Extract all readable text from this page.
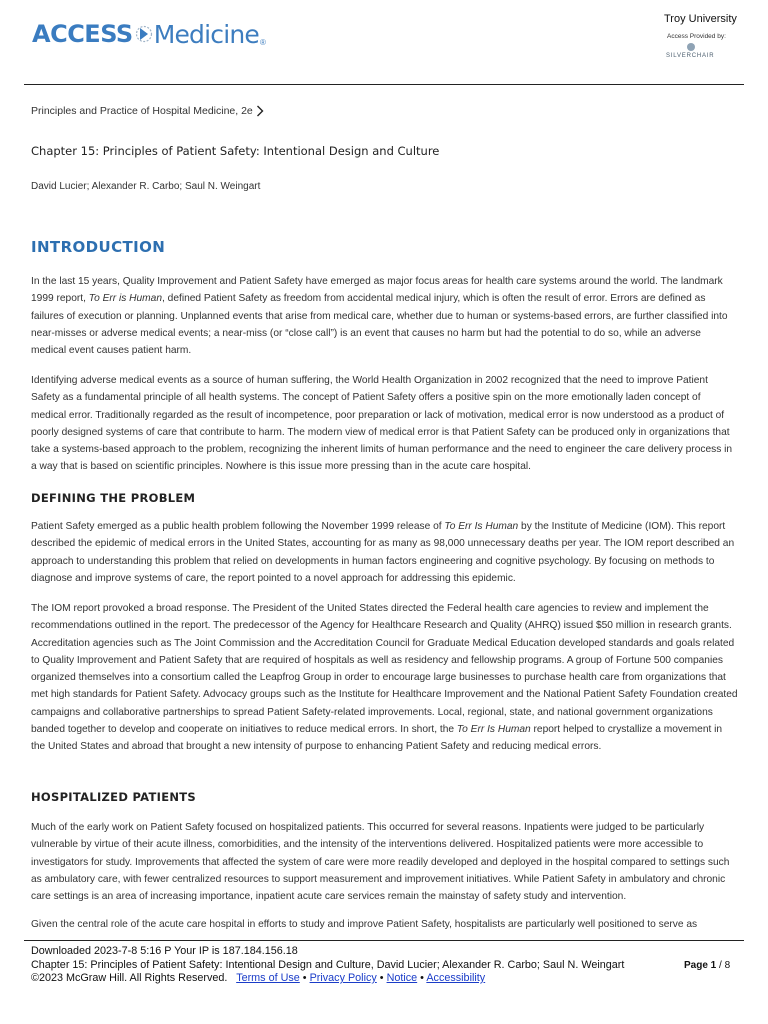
ACCESS Medicine ®
Troy University
Access Provided by:
SILVERCHAIR
Principles and Practice of Hospital Medicine, 2e
Chapter 15: Principles of Patient Safety: Intentional Design and Culture
David Lucier; Alexander R. Carbo; Saul N. Weingart
INTRODUCTION

In the last 15 years, Quality Improvement and Patient Safety have emerged as major focus areas for health care systems around the world. The landmark 1999 report, To Err is Human, defined Patient Safety as freedom from accidental medical injury, which is often the result of error. Errors are defined as failures of execution or planning. Unplanned events that arise from medical care, whether due to human or systems-based errors, are further classified into near-misses or adverse medical events; a near-miss (or “close call”) is an event that causes no harm but had the potential to do so, while an adverse medical event causes patient harm.

Identifying adverse medical events as a source of human suffering, the World Health Organization in 2002 recognized that the need to improve Patient Safety as a fundamental principle of all health systems. The concept of Patient Safety offers a positive spin on the more emotionally laden concept of medical error. Traditionally regarded as the result of incompetence, poor preparation or lack of motivation, medical error is now understood as a product of poorly designed systems of care that contribute to harm. The modern view of medical error is that Patient Safety can be produced only in organizations that take a systems-based approach to the problem, recognizing the inherent limits of human performance and the need to engineer the care delivery process in a way that is based on scientific principles. Nowhere is this issue more pressing than in the acute care hospital.

DEFINING THE PROBLEM

Patient Safety emerged as a public health problem following the November 1999 release of To Err Is Human by the Institute of Medicine (IOM). This report described the epidemic of medical errors in the United States, accounting for as many as 98,000 unnecessary deaths per year. The IOM report described an approach to understanding this problem that relied on developments in human factors engineering and cognitive psychology. By focusing on methods to diagnose and improve systems of care, the report pointed to a novel approach for addressing this epidemic.

The IOM report provoked a broad response. The President of the United States directed the Federal health care agencies to review and implement the recommendations outlined in the report. The predecessor of the Agency for Healthcare Research and Quality (AHRQ) issued $50 million in research grants. Accreditation agencies such as The Joint Commission and the Accreditation Council for Graduate Medical Education developed standards and goals related to Quality Improvement and Patient Safety that are required of hospitals as well as residency and fellowship programs. A group of Fortune 500 companies organized themselves into a consortium called the Leapfrog Group in order to encourage large businesses to purchase health care from organizations that met high standards for Patient Safety. Advocacy groups such as the Institute for Healthcare Improvement and the National Patient Safety Foundation created campaigns and collaborative partnerships to spread Patient Safety-related improvements. Local, regional, state, and national government organizations banded together to develop and cooperate on initiatives to reduce medical errors. In short, the To Err Is Human report helped to crystallize a movement in the United States and abroad that brought a new intensity of purpose to enhancing Patient Safety and reducing medical errors.

HOSPITALIZED PATIENTS

Much of the early work on Patient Safety focused on hospitalized patients. This occurred for several reasons. Inpatients were judged to be particularly vulnerable by virtue of their acute illness, comorbidities, and the intensity of the interventions delivered. Hospitalized patients were more accessible to investigators for study. Improvements that affected the system of care were more readily developed and deployed in the hospital compared to settings such as ambulatory care, with fewer centralized resources to support measurement and improvement initiatives. While Patient Safety in ambulatory and chronic care settings is an area of increasing importance, inpatient acute care services remain the mainstay of safety study and intervention.

Given the central role of the acute care hospital in efforts to study and improve Patient Safety, hospitalists are particularly well positioned to serve as

Downloaded 2023-7-8 5:16 P Your IP is 187.184.156.18
Chapter 15: Principles of Patient Safety: Intentional Design and Culture, David Lucier; Alexander R. Carbo; Saul N. Weingart
©2023 McGraw Hill. All Rights Reserved. Terms of Use • Privacy Policy • Notice • Accessibility
Page 1 / 8
